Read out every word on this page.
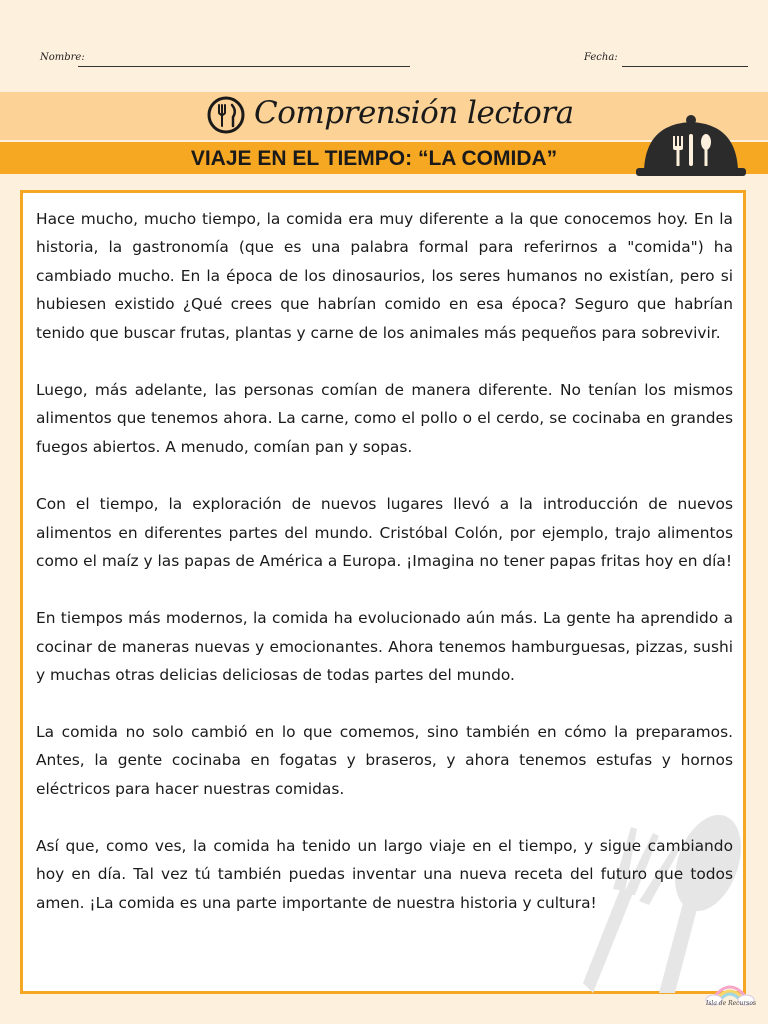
Nombre:	Fecha:
Comprensión lectora
VIAJE EN EL TIEMPO: “LA COMIDA”

Hace mucho, mucho tiempo, la comida era muy diferente a la que conocemos hoy. En la historia, la gastronomía (que es una palabra formal para referirnos a "comida") ha cambiado mucho. En la época de los dinosaurios, los seres humanos no existían, pero si hubiesen existido ¿Qué crees que habrían comido en esa época? Seguro que habrían tenido que buscar frutas, plantas y carne de los animales más pequeños para sobrevivir.

Luego, más adelante, las personas comían de manera diferente. No tenían los mismos alimentos que tenemos ahora. La carne, como el pollo o el cerdo, se cocinaba en grandes fuegos abiertos. A menudo, comían pan y sopas.

Con el tiempo, la exploración de nuevos lugares llevó a la introducción de nuevos alimentos en diferentes partes del mundo. Cristóbal Colón, por ejemplo, trajo alimentos como el maíz y las papas de América a Europa. ¡Imagina no tener papas fritas hoy en día!

En tiempos más modernos, la comida ha evolucionado aún más. La gente ha aprendido a cocinar de maneras nuevas y emocionantes. Ahora tenemos hamburguesas, pizzas, sushi y muchas otras delicias deliciosas de todas partes del mundo.

La comida no solo cambió en lo que comemos, sino también en cómo la preparamos. Antes, la gente cocinaba en fogatas y braseros, y ahora tenemos estufas y hornos eléctricos para hacer nuestras comidas.

Así que, como ves, la comida ha tenido un largo viaje en el tiempo, y sigue cambiando hoy en día. Tal vez tú también puedas inventar una nueva receta del futuro que todos amen. ¡La comida es una parte importante de nuestra historia y cultura!

Isla de Recursos
